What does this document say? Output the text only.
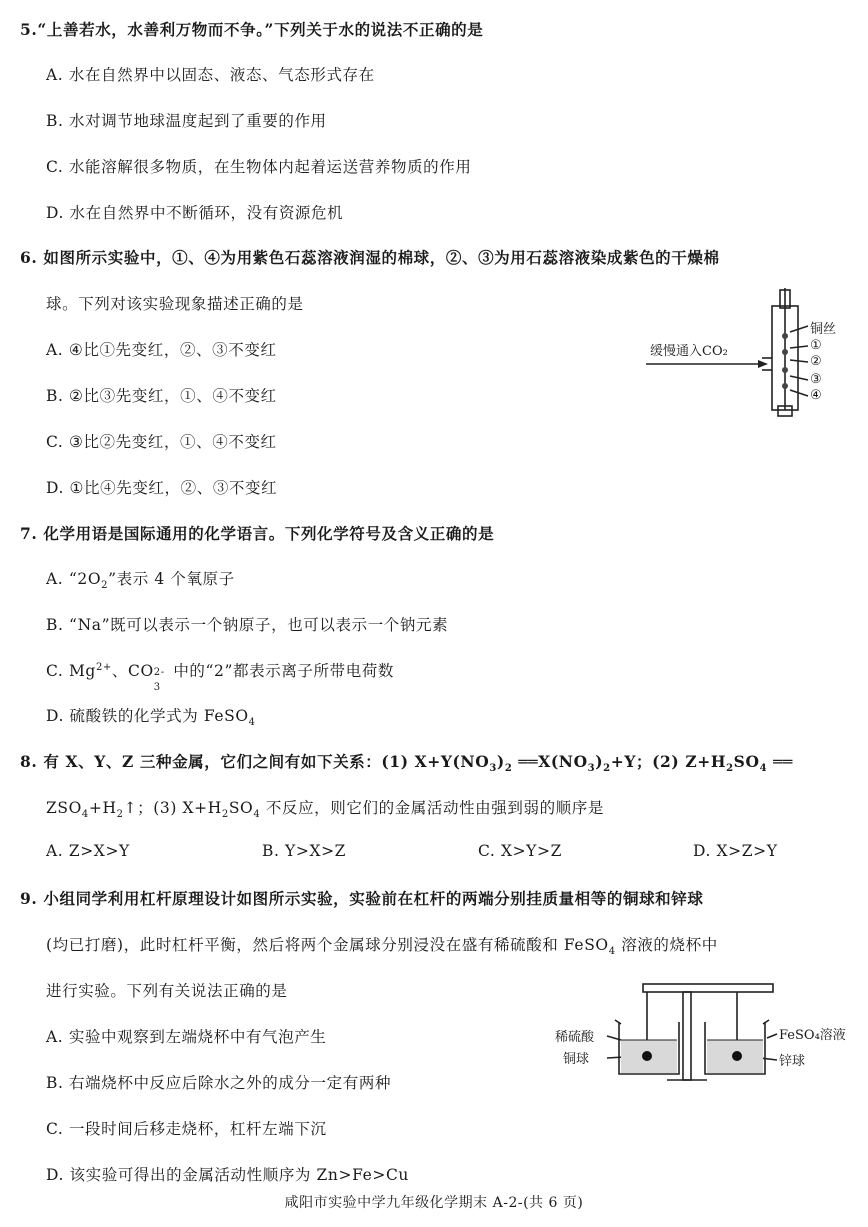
5.“上善若水，水善利万物而不争。”下列关于水的说法不正确的是
A. 水在自然界中以固态、液态、气态形式存在
B. 水对调节地球温度起到了重要的作用
C. 水能溶解很多物质，在生物体内起着运送营养物质的作用
D. 水在自然界中不断循环，没有资源危机
6. 如图所示实验中，①、④为用紫色石蕊溶液润湿的棉球，②、③为用石蕊溶液染成紫色的干燥棉
球。下列对该实验现象描述正确的是
A. ④比①先变红，②、③不变红
B. ②比③先变红，①、④不变红
C. ③比②先变红，①、④不变红
D. ①比④先变红，②、③不变红
缓慢通入CO₂
铜丝
①
②
③
④
7. 化学用语是国际通用的化学语言。下列化学符号及含义正确的是
A. “$2O_2$”表示 4 个氧原子
B. “Na”既可以表示一个钠原子，也可以表示一个钠元素
C. $Mg^{2+}$、CO 2-
3
中的“2”都表示离子所带电荷数
D. 硫酸铁的化学式为 FeSO$_4$
8. 有 X、Y、Z 三种金属，它们之间有如下关系：(1) $X+Y(NO_3)_2$ $══X(NO_3)_2+Y$；(2) $Z+H_2SO_4$ ══
$ZSO_4+H_2↑$；(3) $X+H_2SO_4$ 不反应，则它们的金属活动性由强到弱的顺序是
A. Z>X>Y	B. Y>X>Z	C. X>Y>Z	D. X>Z>Y
9. 小组同学利用杠杆原理设计如图所示实验，实验前在杠杆的两端分别挂质量相等的铜球和锌球
(均已打磨)，此时杠杆平衡，然后将两个金属球分别浸没在盛有稀硫酸和 FeSO$_4$ 溶液的烧杯中
进行实验。下列有关说法正确的是
A. 实验中观察到左端烧杯中有气泡产生
B. 右端烧杯中反应后除水之外的成分一定有两种
C. 一段时间后移走烧杯，杠杆左端下沉
D. 该实验可得出的金属活动性顺序为 Zn>Fe>Cu
稀硫酸
铜球
FeSO₄溶液
锌球
咸阳市实验中学九年级化学期末 A-2-(共 6 页)
